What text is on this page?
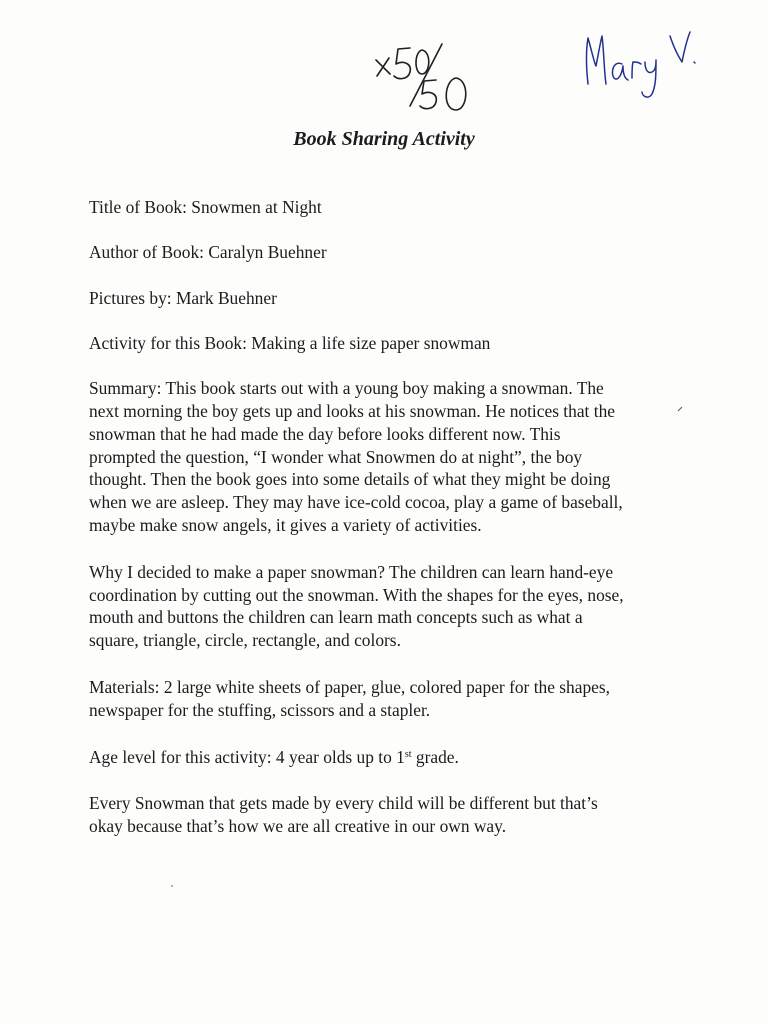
Book Sharing Activity

Title of Book: Snowmen at Night

Author of Book: Caralyn Buehner

Pictures by: Mark Buehner

Activity for this Book: Making a life size paper snowman

Summary: This book starts out with a young boy making a snowman. The
next morning the boy gets up and looks at his snowman. He notices that the
snowman that he had made the day before looks different now. This
prompted the question, “I wonder what Snowmen do at night”, the boy
thought. Then the book goes into some details of what they might be doing
when we are asleep. They may have ice-cold cocoa, play a game of baseball,
maybe make snow angels, it gives a variety of activities.

Why I decided to make a paper snowman? The children can learn hand-eye
coordination by cutting out the snowman. With the shapes for the eyes, nose,
mouth and buttons the children can learn math concepts such as what a
square, triangle, circle, rectangle, and colors.

Materials: 2 large white sheets of paper, glue, colored paper for the shapes,
newspaper for the stuffing, scissors and a stapler.

Age level for this activity: 4 year olds up to 1st grade.

Every Snowman that gets made by every child will be different but that’s
okay because that’s how we are all creative in our own way.
